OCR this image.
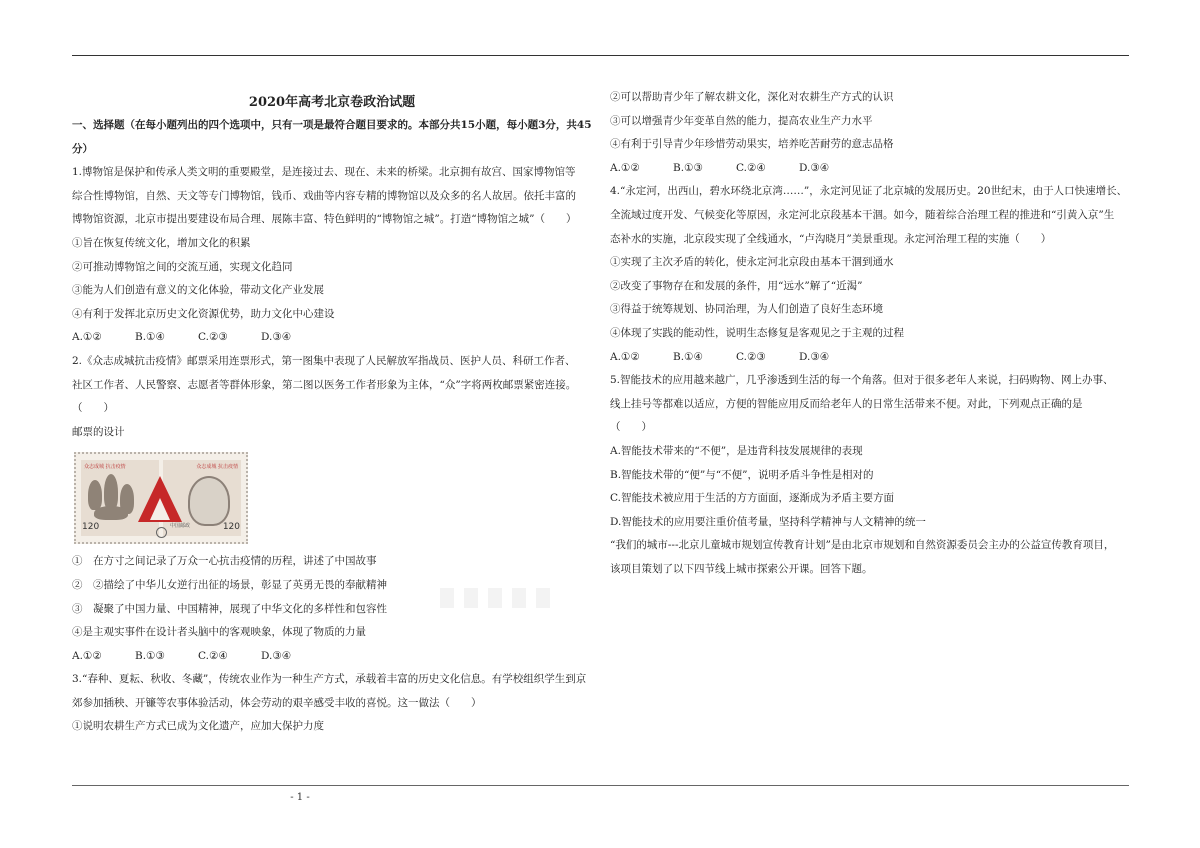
2020年高考北京卷政治试题
一、选择题（在每小题列出的四个选项中，只有一项是最符合题目要求的。本部分共15小题，每小题3分，共45
分）
1.博物馆是保护和传承人类文明的重要殿堂，是连接过去、现在、未来的桥梁。北京拥有故宫、国家博物馆等
综合性博物馆，自然、天文等专门博物馆，钱币、戏曲等内容专精的博物馆以及众多的名人故居。依托丰富的
博物馆资源，北京市提出要建设布局合理、展陈丰富、特色鲜明的“博物馆之城”。打造“博物馆之城”（　　）
①旨在恢复传统文化，增加文化的积累
②可推动博物馆之间的交流互通，实现文化趋同
③能为人们创造有意义的文化体验，带动文化产业发展
④有利于发挥北京历史文化资源优势，助力文化中心建设
A.①②	B.①④	C.②③	D.③④
2.《众志成城抗击疫情》邮票采用连票形式，第一图集中表现了人民解放军指战员、医护人员、科研工作者、
社区工作者、人民警察、志愿者等群体形象，第二图以医务工作者形象为主体，“众”字将两枚邮票紧密连接。
（　　）
邮票的设计
众志成城 抗击疫情	众志成城 抗击疫情
120	120
中国邮政
①　在方寸之间记录了万众一心抗击疫情的历程，讲述了中国故事
②　②描绘了中华儿女逆行出征的场景，彰显了英勇无畏的奉献精神
③　凝聚了中国力量、中国精神，展现了中华文化的多样性和包容性
④是主观实事件在设计者头脑中的客观映象，体现了物质的力量
A.①②	B.①③	C.②④	D.③④
3.“春种、夏耘、秋收、冬藏”，传统农业作为一种生产方式，承载着丰富的历史文化信息。有学校组织学生到京
郊参加插秧、开镰等农事体验活动，体会劳动的艰辛感受丰收的喜悦。这一做法（　　）
①说明农耕生产方式已成为文化遗产，应加大保护力度
②可以帮助青少年了解农耕文化，深化对农耕生产方式的认识
③可以增强青少年变革自然的能力，提高农业生产力水平
④有利于引导青少年珍惜劳动果实，培养吃苦耐劳的意志品格
A.①②	B.①③	C.②④	D.③④
4.“永定河，出西山，碧水环绕北京湾……”，永定河见证了北京城的发展历史。20世纪末，由于人口快速增长、
全流域过度开发、气候变化等原因，永定河北京段基本干涸。如今，随着综合治理工程的推进和“引黄入京”生
态补水的实施，北京段实现了全线通水，“卢沟晓月”美景重现。永定河治理工程的实施（　　）
①实现了主次矛盾的转化，使永定河北京段由基本干涸到通水
②改变了事物存在和发展的条件，用“远水”解了“近渴”
③得益于统筹规划、协同治理，为人们创造了良好生态环境
④体现了实践的能动性，说明生态修复是客观见之于主观的过程
A.①②	B.①④	C.②③	D.③④
5.智能技术的应用越来越广，几乎渗透到生活的每一个角落。但对于很多老年人来说，扫码购物、网上办事、
线上挂号等都难以适应，方便的智能应用反而给老年人的日常生活带来不便。对此，下列观点正确的是
（　　）
A.智能技术带来的“不便”，是违背科技发展规律的表现
B.智能技术带的“便”与“不便”，说明矛盾斗争性是相对的
C.智能技术被应用于生活的方方面面，逐渐成为矛盾主要方面
D.智能技术的应用要注重价值考量，坚持科学精神与人文精神的统一
“我们的城市---北京儿童城市规划宣传教育计划”是由北京市规划和自然资源委员会主办的公益宣传教育项目，
该项目策划了以下四节线上城市探索公开课。回答下题。
- 1 -
